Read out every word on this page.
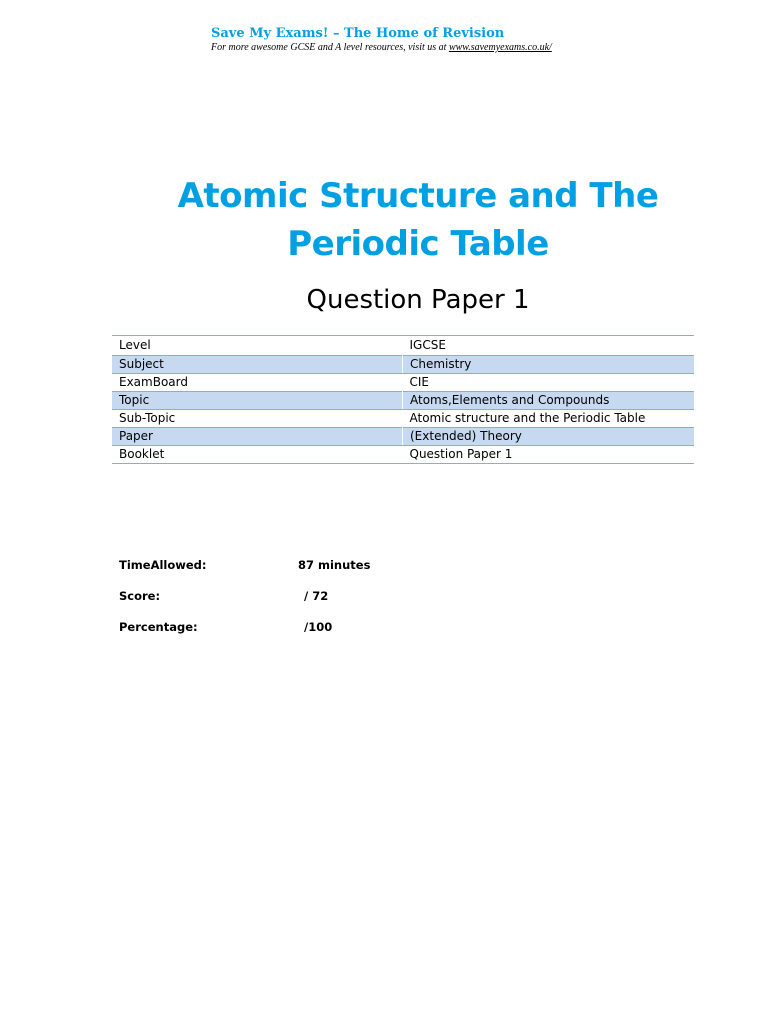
Save My Exams! – The Home of Revision
For more awesome GCSE and A level resources, visit us at www.savemyexams.co.uk/
Atomic Structure and The
Periodic Table
Question Paper 1
Level	IGCSE
Subject	Chemistry
ExamBoard	CIE
Topic	Atoms,Elements and Compounds
Sub-Topic	Atomic structure and the Periodic Table
Paper	(Extended) Theory
Booklet	Question Paper 1
TimeAllowed:	87 minutes
Score:	/ 72
Percentage:	/100
